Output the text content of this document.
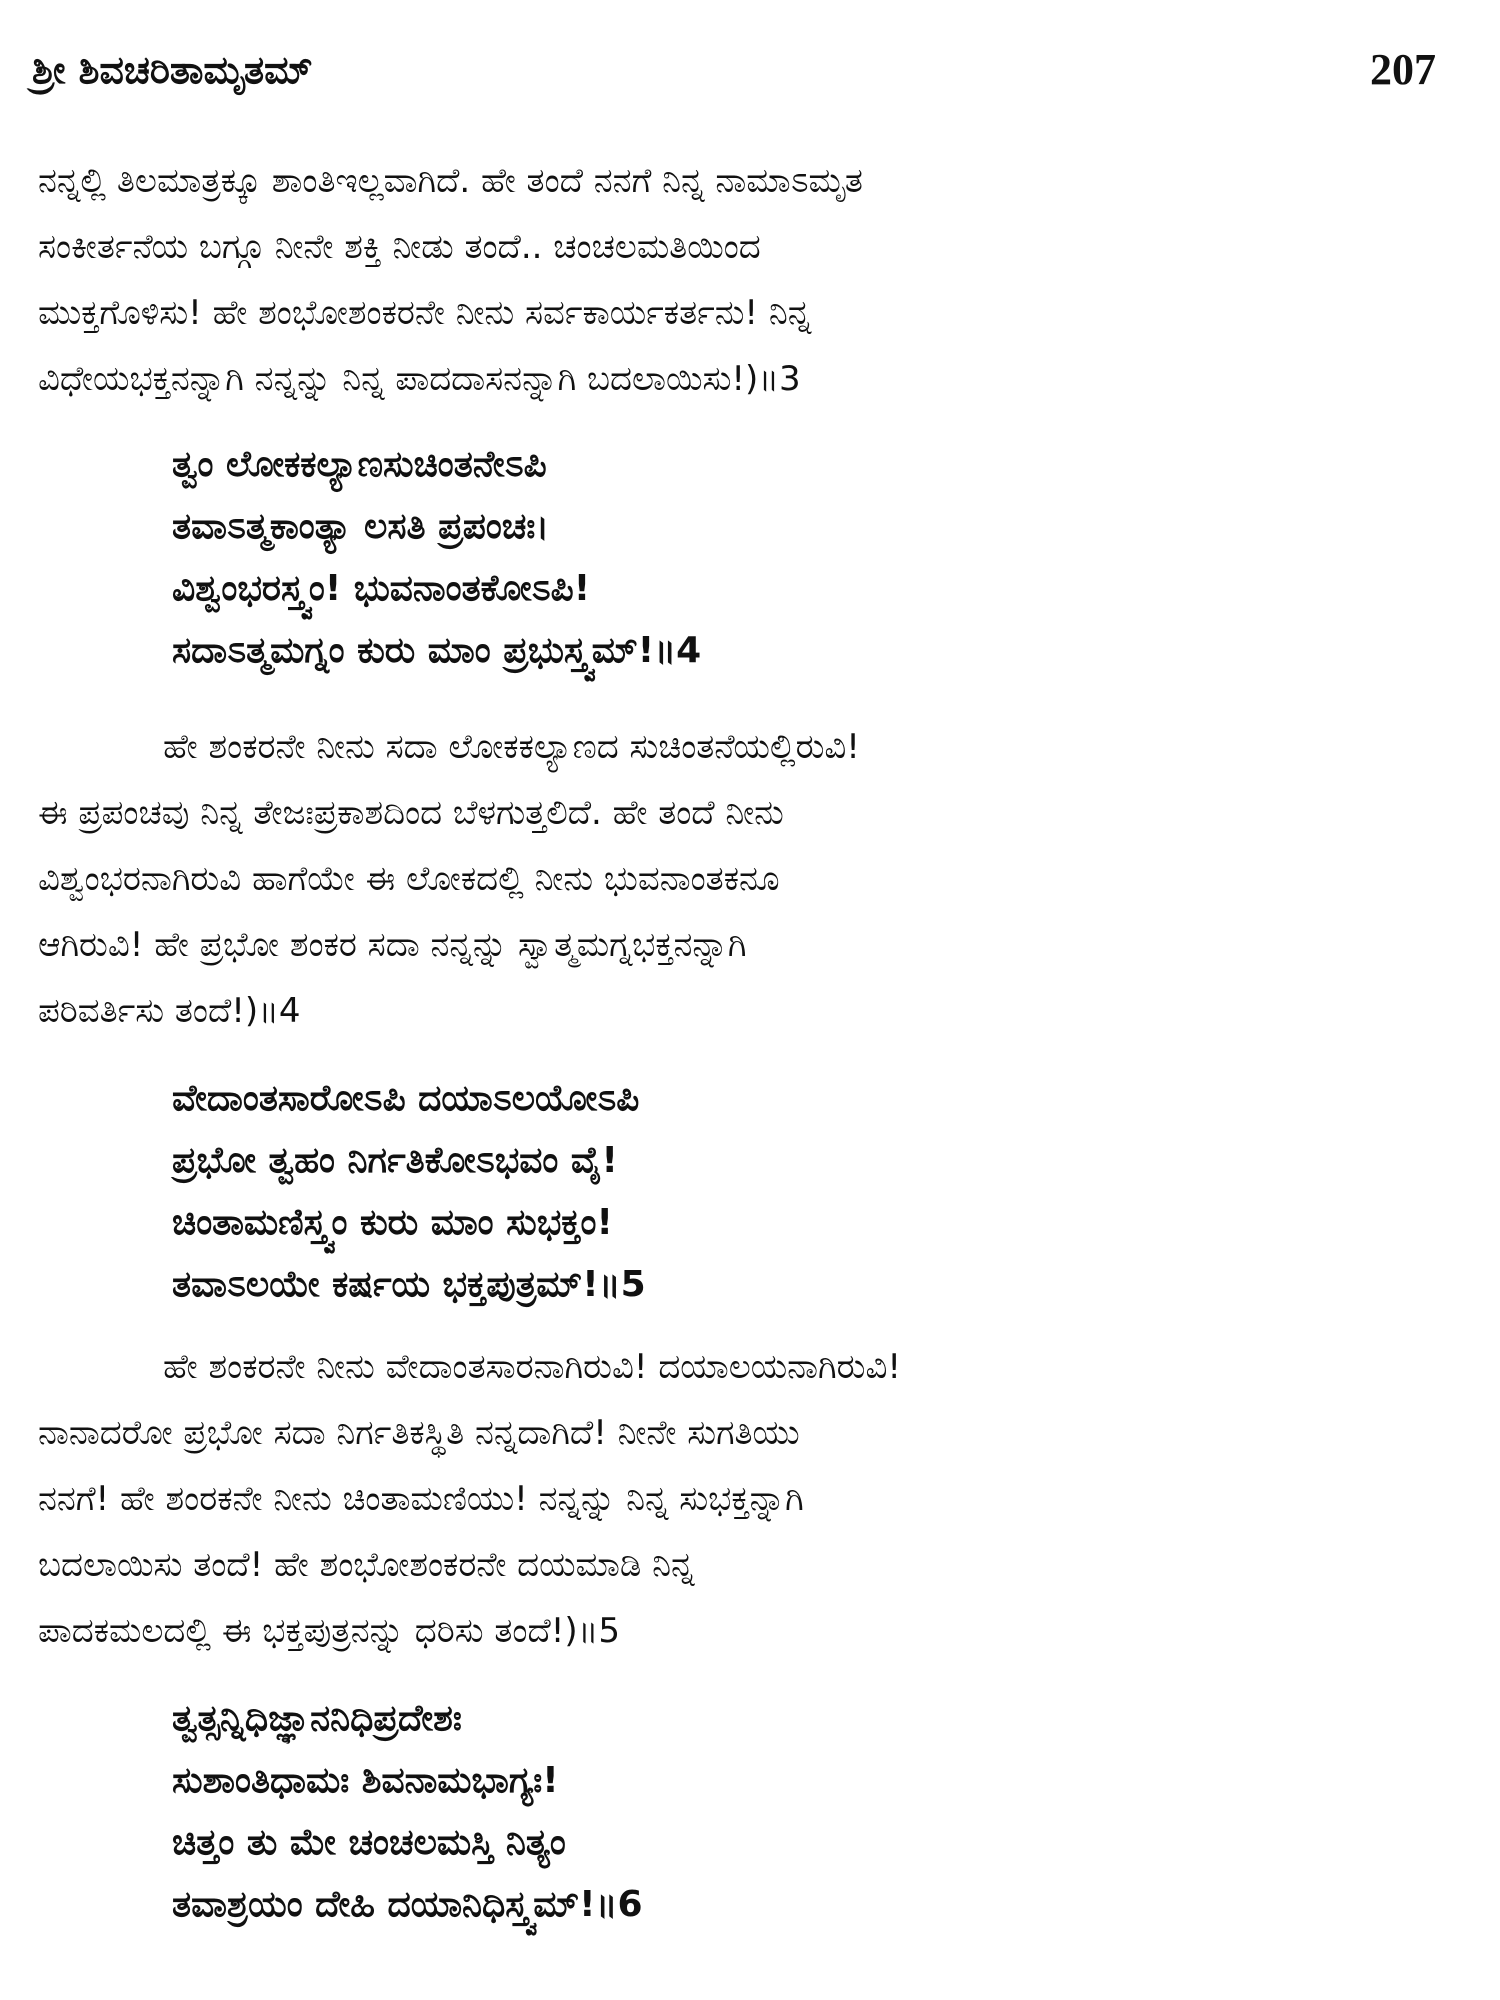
ಶ್ರೀ ಶಿವಚರಿತಾಮೃತಮ್	207
ನನ್ನಲ್ಲಿ ತಿಲಮಾತ್ರಕ್ಕೂ ಶಾಂತಿಇಲ್ಲವಾಗಿದೆ. ಹೇ ತಂದೆ ನನಗೆ ನಿನ್ನ ನಾಮಾಽಮೃತ
ಸಂಕೀರ್ತನೆಯ ಬಗ್ಗೂ ನೀನೇ ಶಕ್ತಿ ನೀಡು ತಂದೆ.. ಚಂಚಲಮತಿಯಿಂದ
ಮುಕ್ತಗೊಳಿಸು! ಹೇ ಶಂಭೋಶಂಕರನೇ ನೀನು ಸರ್ವಕಾರ್ಯಕರ್ತನು! ನಿನ್ನ
ವಿಧೇಯಭಕ್ತನನ್ನಾಗಿ ನನ್ನನ್ನು ನಿನ್ನ ಪಾದದಾಸನನ್ನಾಗಿ ಬದಲಾಯಿಸು!)॥3
ತ್ವಂ ಲೋಕಕಲ್ಯಾಣಸುಚಿಂತನೇಽಪಿ
ತವಾಽತ್ಮಕಾಂತ್ಯಾ ಲಸತಿ ಪ್ರಪಂಚಃ।
ವಿಶ್ವಂಭರಸ್ತ್ವಂ! ಭುವನಾಂತಕೋಽಪಿ!
ಸದಾಽತ್ಮಮಗ್ನಂ ಕುರು ಮಾಂ ಪ್ರಭುಸ್ತ್ವಮ್!॥4
ಹೇ ಶಂಕರನೇ ನೀನು ಸದಾ ಲೋಕಕಲ್ಯಾಣದ ಸುಚಿಂತನೆಯಲ್ಲಿರುವಿ!
ಈ ಪ್ರಪಂಚವು ನಿನ್ನ ತೇಜಃಪ್ರಕಾಶದಿಂದ ಬೆಳಗುತ್ತಲಿದೆ. ಹೇ ತಂದೆ ನೀನು
ವಿಶ್ವಂಭರನಾಗಿರುವಿ ಹಾಗೆಯೇ ಈ ಲೋಕದಲ್ಲಿ ನೀನು ಭುವನಾಂತಕನೂ
ಆಗಿರುವಿ! ಹೇ ಪ್ರಭೋ ಶಂಕರ ಸದಾ ನನ್ನನ್ನು ಸ್ವಾತ್ಮಮಗ್ನಭಕ್ತನನ್ನಾಗಿ
ಪರಿವರ್ತಿಸು ತಂದೆ!)॥4
ವೇದಾಂತಸಾರೋಽಪಿ ದಯಾಽಲಯೋಽಪಿ
ಪ್ರಭೋ ತ್ವಹಂ ನಿರ್ಗತಿಕೋಽಭವಂ ವೈ!
ಚಿಂತಾಮಣಿಸ್ತ್ವಂ ಕುರು ಮಾಂ ಸುಭಕ್ತಂ!
ತವಾಽಲಯೇ ಕರ್ಷಯ ಭಕ್ತಪುತ್ರಮ್!॥5
ಹೇ ಶಂಕರನೇ ನೀನು ವೇದಾಂತಸಾರನಾಗಿರುವಿ! ದಯಾಲಯನಾಗಿರುವಿ!
ನಾನಾದರೋ ಪ್ರಭೋ ಸದಾ ನಿರ್ಗತಿಕಸ್ಥಿತಿ ನನ್ನದಾಗಿದೆ! ನೀನೇ ಸುಗತಿಯು
ನನಗೆ! ಹೇ ಶಂರಕನೇ ನೀನು ಚಿಂತಾಮಣಿಯು! ನನ್ನನ್ನು ನಿನ್ನ ಸುಭಕ್ತನ್ನಾಗಿ
ಬದಲಾಯಿಸು ತಂದೆ! ಹೇ ಶಂಭೋಶಂಕರನೇ ದಯಮಾಡಿ ನಿನ್ನ
ಪಾದಕಮಲದಲ್ಲಿ ಈ ಭಕ್ತಪುತ್ರನನ್ನು ಧರಿಸು ತಂದೆ!)॥5
ತ್ವತ್ಸನ್ನಿಧಿಜ್ಞಾನನಿಧಿಪ್ರದೇಶಃ
ಸುಶಾಂತಿಧಾಮಃ ಶಿವನಾಮಭಾಗ್ಯಃ!
ಚಿತ್ತಂ ತು ಮೇ ಚಂಚಲಮಸ್ತಿ ನಿತ್ಯಂ
ತವಾಶ್ರಯಂ ದೇಹಿ ದಯಾನಿಧಿಸ್ತ್ವಮ್!॥6
